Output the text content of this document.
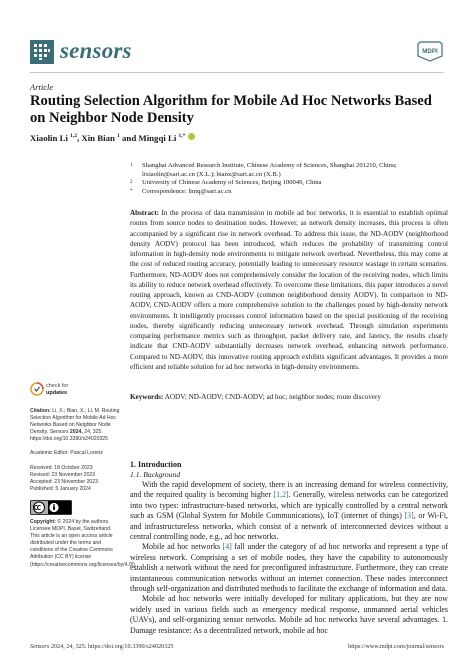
sensors	MDPI
Article
Routing Selection Algorithm for Mobile Ad Hoc Networks Based on Neighbor Node Density
Xiaolin Li $^{1,2}$, Xin Bian $^1$ and Mingqi Li $^{1,*}$
1 Shanghai Advanced Research Institute, Chinese Academy of Sciences, Shanghai 201210, China; lixiaolin@sari.ac.cn (X.L.); bianx@sari.ac.cn (X.B.)
2 University of Chinese Academy of Sciences, Beijing 100049, China
* Correspondence: limq@sari.ac.cn
Abstract: In the process of data transmission in mobile ad hoc networks, it is essential to establish optimal routes from source nodes to destination nodes. However, as network density increases, this process is often accompanied by a significant rise in network overhead. To address this issue, the ND-AODV (neighborhood density AODV) protocol has been introduced, which reduces the probability of transmitting control information in high-density node environments to mitigate network overhead. Nevertheless, this may come at the cost of reduced routing accuracy, potentially leading to unnecessary resource wastage in certain scenarios. Furthermore, ND-AODV does not comprehensively consider the location of the receiving nodes, which limits its ability to reduce network overhead effectively. To overcome these limitations, this paper introduces a novel routing approach, known as CND-AODV (common neighborhood density AODV). In comparison to ND-AODV, CND-AODV offers a more comprehensive solution to the challenges posed by high-density network environments. It intelligently processes control information based on the special positioning of the receiving nodes, thereby significantly reducing unnecessary network overhead. Through simulation experiments comparing performance metrics such as throughput, packet delivery rate, and latency, the results clearly indicate that CND-AODV substantially decreases network overhead, enhancing network performance. Compared to ND-AODV, this innovative routing approach exhibits significant advantages. It provides a more efficient and reliable solution for ad hoc networks in high-density environments.
Keywords: AODV; ND-AODV; CND-AODV; ad hoc; neighbor nodes; route discovery
check for
updates
Citation: Li, X.; Bian, X.; Li, M. Routing Selection Algorithm for Mobile Ad Hoc Networks Based on Neighbor Node Density. Sensors 2024, 24, 325. https://doi.org/10.3390/s24020325
Academic Editor: Pascal Lorenz
Received: 18 October 2023
Revised: 23 November 2023
Accepted: 23 November 2023
Published: 5 January 2024
Copyright: © 2024 by the authors. Licensee MDPI, Basel, Switzerland. This article is an open access article distributed under the terms and conditions of the Creative Commons Attribution (CC BY) license (https://creativecommons.org/licenses/by/4.0/).
1. Introduction
1.1. Background

With the rapid development of society, there is an increasing demand for wireless connectivity, and the required quality is becoming higher [1,2]. Generally, wireless networks can be categorized into two types: infrastructure-based networks, which are typically controlled by a central network such as GSM (Global System for Mobile Communications), IoT (internet of things) [3], or Wi-Fi, and infrastructureless networks, which consist of a network of interconnected devices without a central controlling node, e.g., ad hoc networks.

Mobile ad hoc networks [4] fall under the category of ad hoc networks and represent a type of wireless network. Comprising a set of mobile nodes, they have the capability to autonomously establish a network without the need for preconfigured infrastructure. Furthermore, they can create instantaneous communication networks without an internet connection. These nodes interconnect through self-organization and distributed methods to facilitate the exchange of information and data.

Mobile ad hoc networks were initially developed for military applications, but they are now widely used in various fields such as emergency medical response, unmanned aerial vehicles (UAVs), and self-organizing sensor networks. Mobile ad hoc networks have several advantages. 1. Damage resistance: As a decentralized network, mobile ad hoc

Sensors 2024, 24, 325. https://doi.org/10.3390/s24020325	https://www.mdpi.com/journal/sensors
